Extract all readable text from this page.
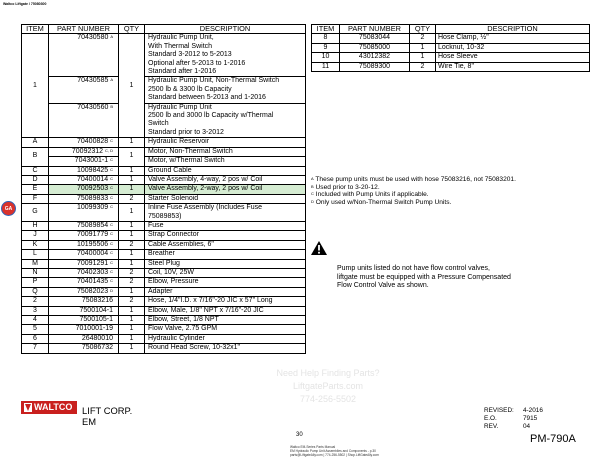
Waltco Liftgate / 75080300
ITEM	PART NUMBER	QTY	DESCRIPTION
1	70430580 $^A$	1	Hydraulic Pump Unit,
With Thermal Switch
Standard 3-2012 to 5-2013
Optional after 5-2013 to 1-2016
Standard after 1-2016

	70430585 $^A$		Hydraulic Pump Unit, Non-Thermal Switch
2500 lb & 3300 lb Capacity
Standard between 5-2013 and 1-2016

	70430560 $^B$		Hydraulic Pump Unit
2500 lb and 3000 lb Capacity w/Thermal
Switch
Standard prior to 3-2012

A	70400828 $^C$	1	Hydraulic Reservoir
B	70092312 $^{C, D}$	1	Motor, Non-Thermal Switch
	7043001-1 $^C$		Motor, w/Thermal Switch
C	10098425 $^C$	1	Ground Cable
D	70400014 $^C$	1	Valve Assembly, 4-way, 2 pos w/ Coil
E	70092503 $^C$	1	Valve Assembly, 2-way, 2 pos w/ Coil
F	75089833 $^C$	2	Starter Solenoid
G	10099309 $^C$	1	Inline Fuse Assembly (Includes Fuse
75089853)

H	75089854 $^C$	1	Fuse
J	70091779 $^C$	1	Strap Connector
K	10195506 $^C$	2	Cable Assemblies, 6"
L	70400004 $^C$	1	Breather
M	70091291 $^C$	1	Steel Plug
N	70402303 $^C$	2	Coil, 10V, 25W
P	70401435 $^C$	2	Elbow, Pressure
Q	75082023 $^D$	1	Adapter
2	75083216	2	Hose, 1/4"I.D. x 7/16"-20 JIC x 57" Long
3	7500104-1	1	Elbow, Male, 1/8" NPT x 7/16"-20 JIC
4	7500105-1	1	Elbow, Street, 1/8 NPT
5	7010001-19	1	Flow Valve, 2.75 GPM
6	26480010	1	Hydraulic Cylinder
7	75086732	1	Round Head Screw, 10-32x1"
ITEM	PART NUMBER	QTY	DESCRIPTION
8	75083044	2	Hose Clamp, ½"
9	75085000	1	Locknut, 10-32
10	43012382	1	Hose Sleeve
11	75089300	2	Wire Tie, 8"
$^A$ These pump units must be used with hose 75083216, not 75083201.
$^B$ Used prior to 3-20-12.
$^C$ Included with Pump Units if applicable.
$^D$ Only used w/Non-Thermal Switch Pump Units.
Pump units listed do not have flow control valves, liftgate must be equipped with a Pressure Compensated Flow Control Valve as shown.
GA
Need Help Finding Parts?
LiftgateParts.com
774-256-5502
WALTCO	LIFT CORP.
EM
REVISED: 4-2016
E.O.	7915
REV.	04
30	PM-790A
Waltco EM-Series Parts Manual
EM Hydraulic Pump Unit Assemblies and Components - p.30
parts@LiftgateAlly.com | 774-256-5502 | Shop.LiftGateAlly.com
